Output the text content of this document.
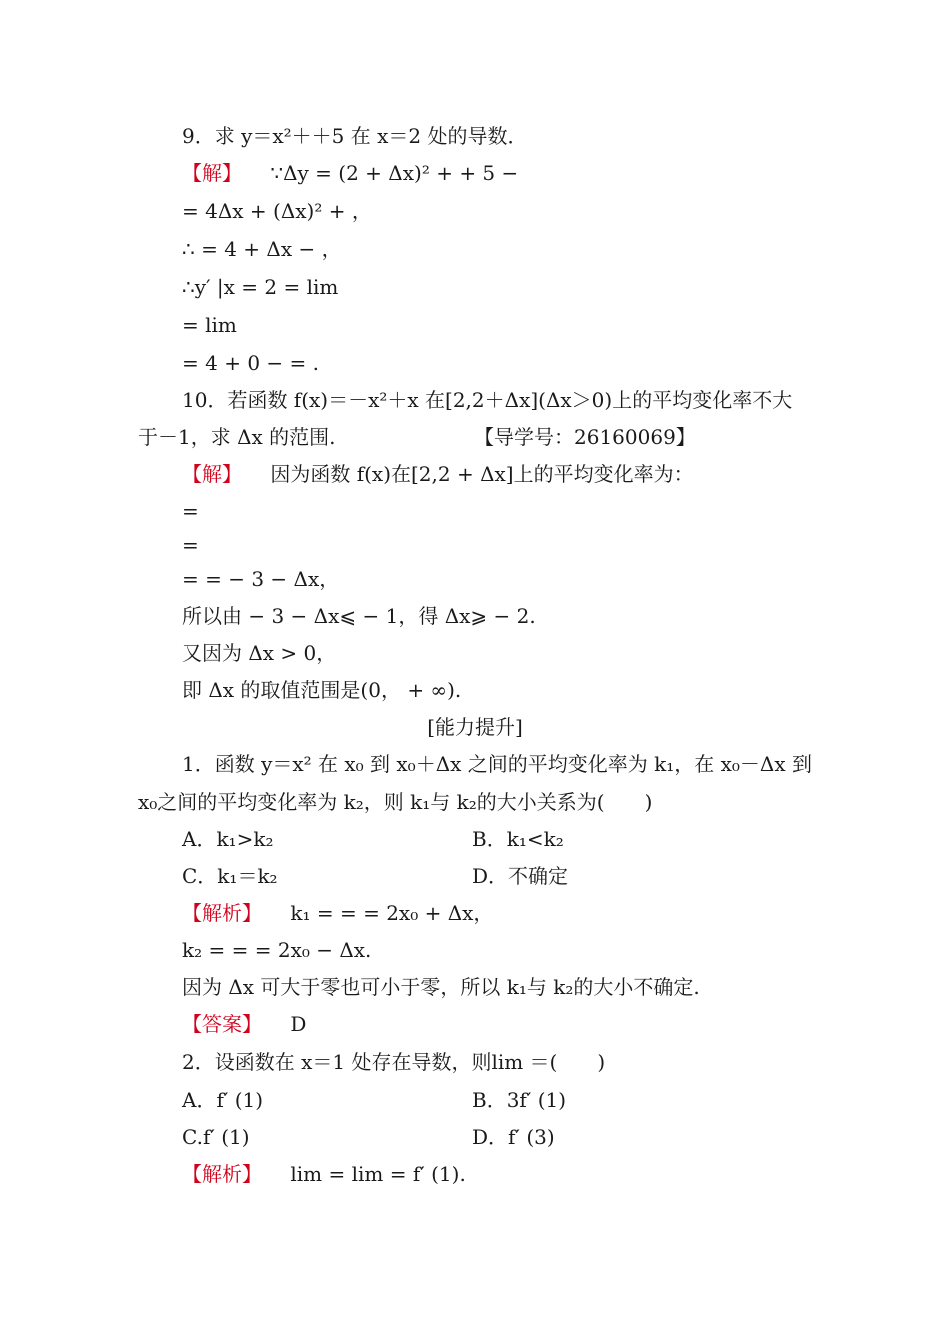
9．求 y＝x²＋＋5 在 x＝2 处的导数．
【解】 ∵Δy = (2 + Δx)² + + 5 −
= 4Δx + (Δx)² + ，
∴ = 4 + Δx − ，
∴y′ |x = 2 = lim
= lim
= 4 + 0 − = .
10．若函数 f(x)＝－x²＋x 在[2,2＋Δx](Δx＞0)上的平均变化率不大
于－1，求 Δx 的范围.	【导学号：26160069】
【解】 因为函数 f(x)在[2,2 + Δx]上的平均变化率为：
=
=
= = − 3 − Δx，
所以由 − 3 − Δx⩽ − 1，得 Δx⩾ − 2.
又因为 Δx > 0，
即 Δx 的取值范围是(0， + ∞).
[能力提升]
1．函数 y＝x² 在 x₀ 到 x₀＋Δx 之间的平均变化率为 k₁，在 x₀－Δx 到
x₀之间的平均变化率为 k₂，则 k₁与 k₂的大小关系为(　　)
A．k₁>k₂	B．k₁<k₂
C．k₁＝k₂	D．不确定
【解析】 k₁ = = = 2x₀ + Δx，
k₂ = = = 2x₀ − Δx.
因为 Δx 可大于零也可小于零，所以 k₁与 k₂的大小不确定.
【答案】 D
2．设函数在 x＝1 处存在导数，则lim ＝(　　)
A．f′ (1)	B．3f′ (1)
C.f′ (1)	D．f′ (3)
【解析】 lim = lim = f′ (1).
